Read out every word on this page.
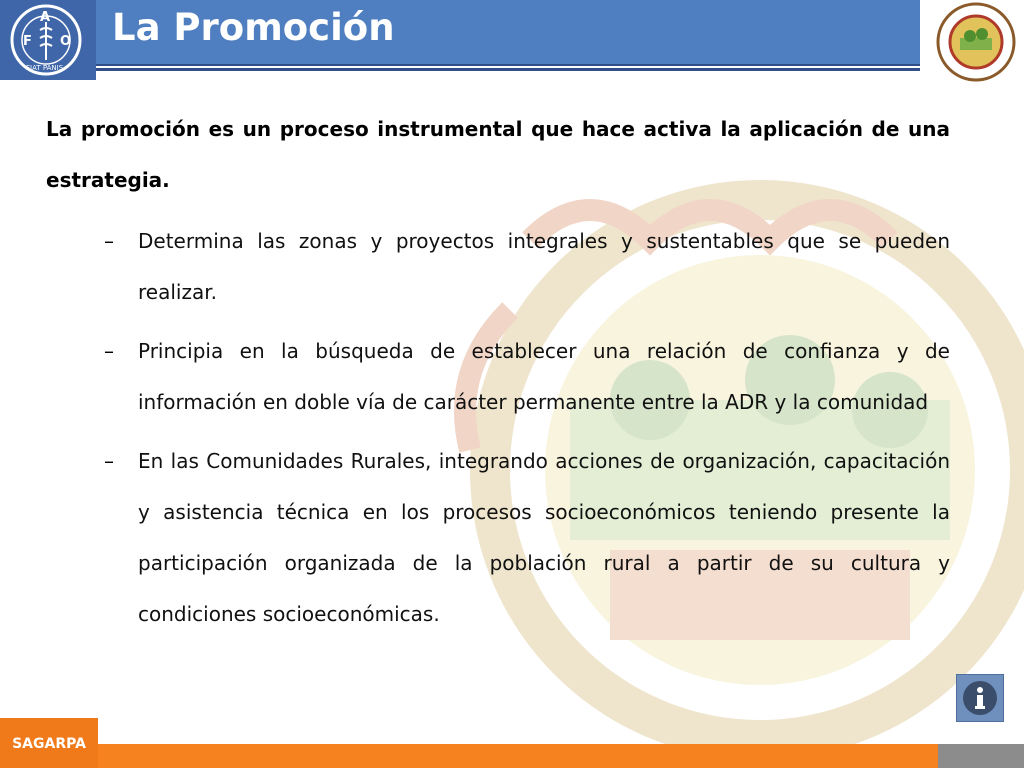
F
A
O
FIAT PANIS
La Promoción

La promoción es un proceso instrumental que hace activa la aplicación de una estrategia.

– Determina las zonas y proyectos integrales y sustentables que se pueden realizar.
– Principia en la búsqueda de establecer una relación de confianza y de información en doble vía de carácter permanente entre la ADR y la comunidad
– En las Comunidades Rurales, integrando acciones de organización, capacitación y asistencia técnica en los procesos socioeconómicos teniendo presente la participación organizada de la población rural a partir de su cultura y condiciones socioeconómicas.
SAGARPA
